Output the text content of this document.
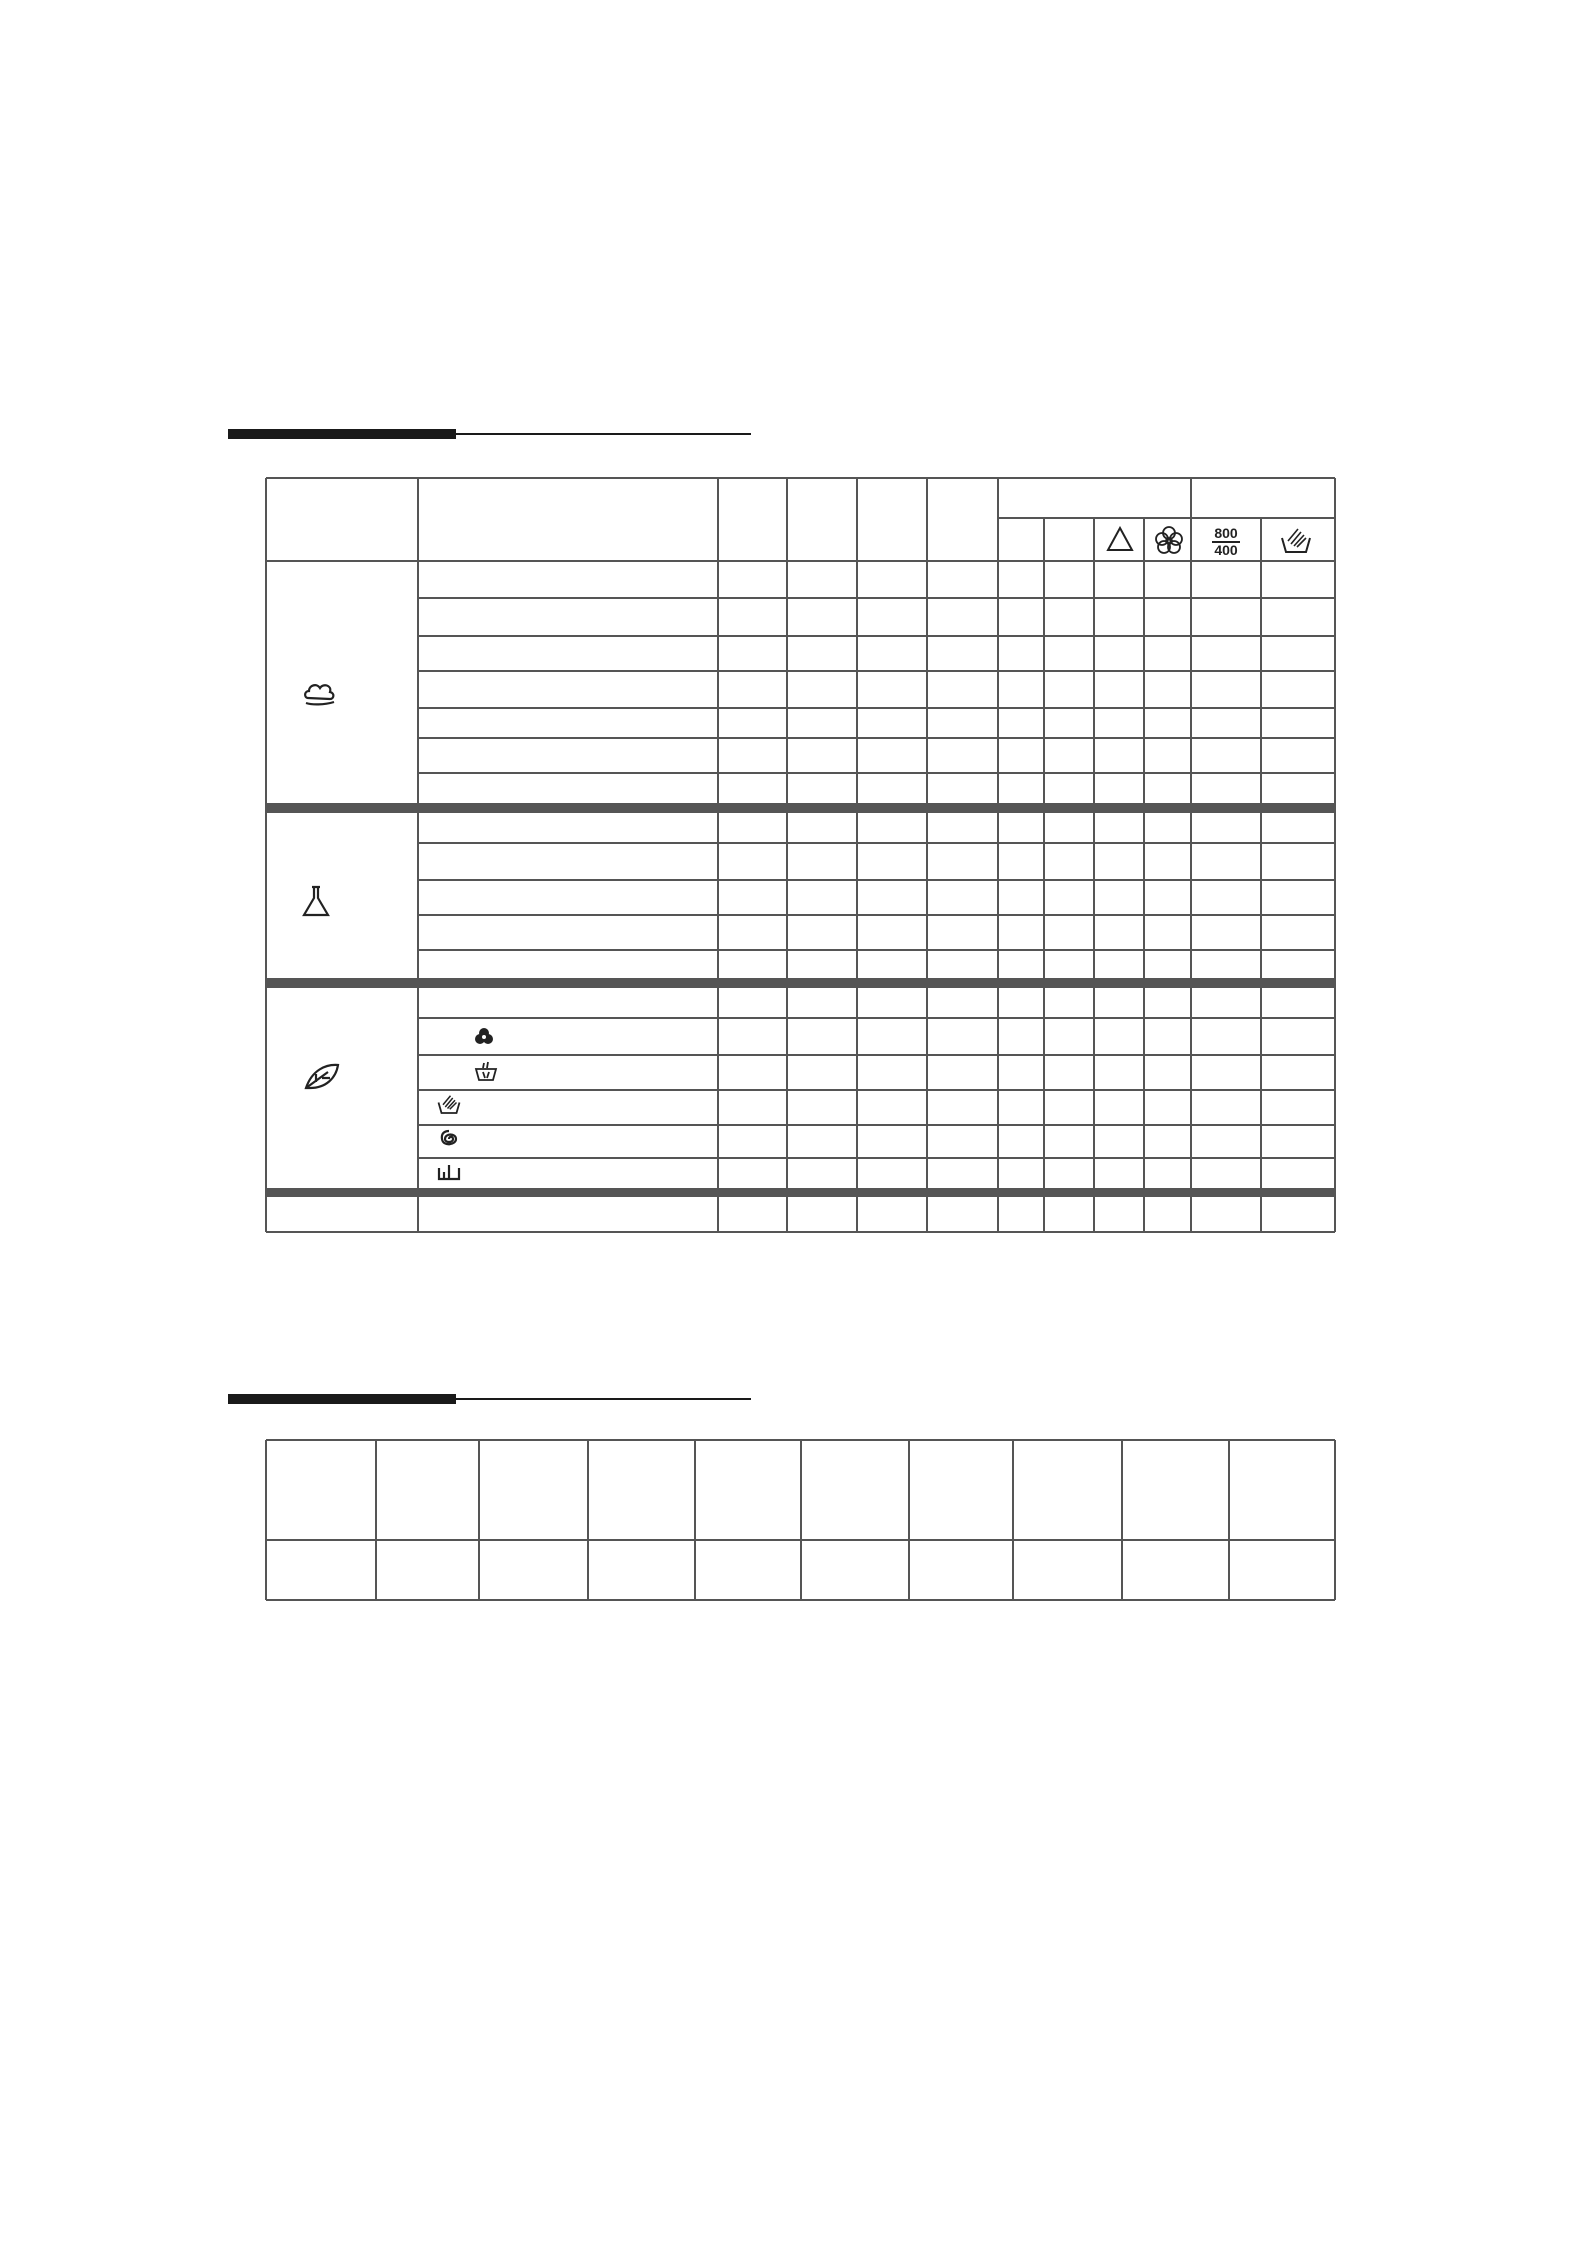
800
400
